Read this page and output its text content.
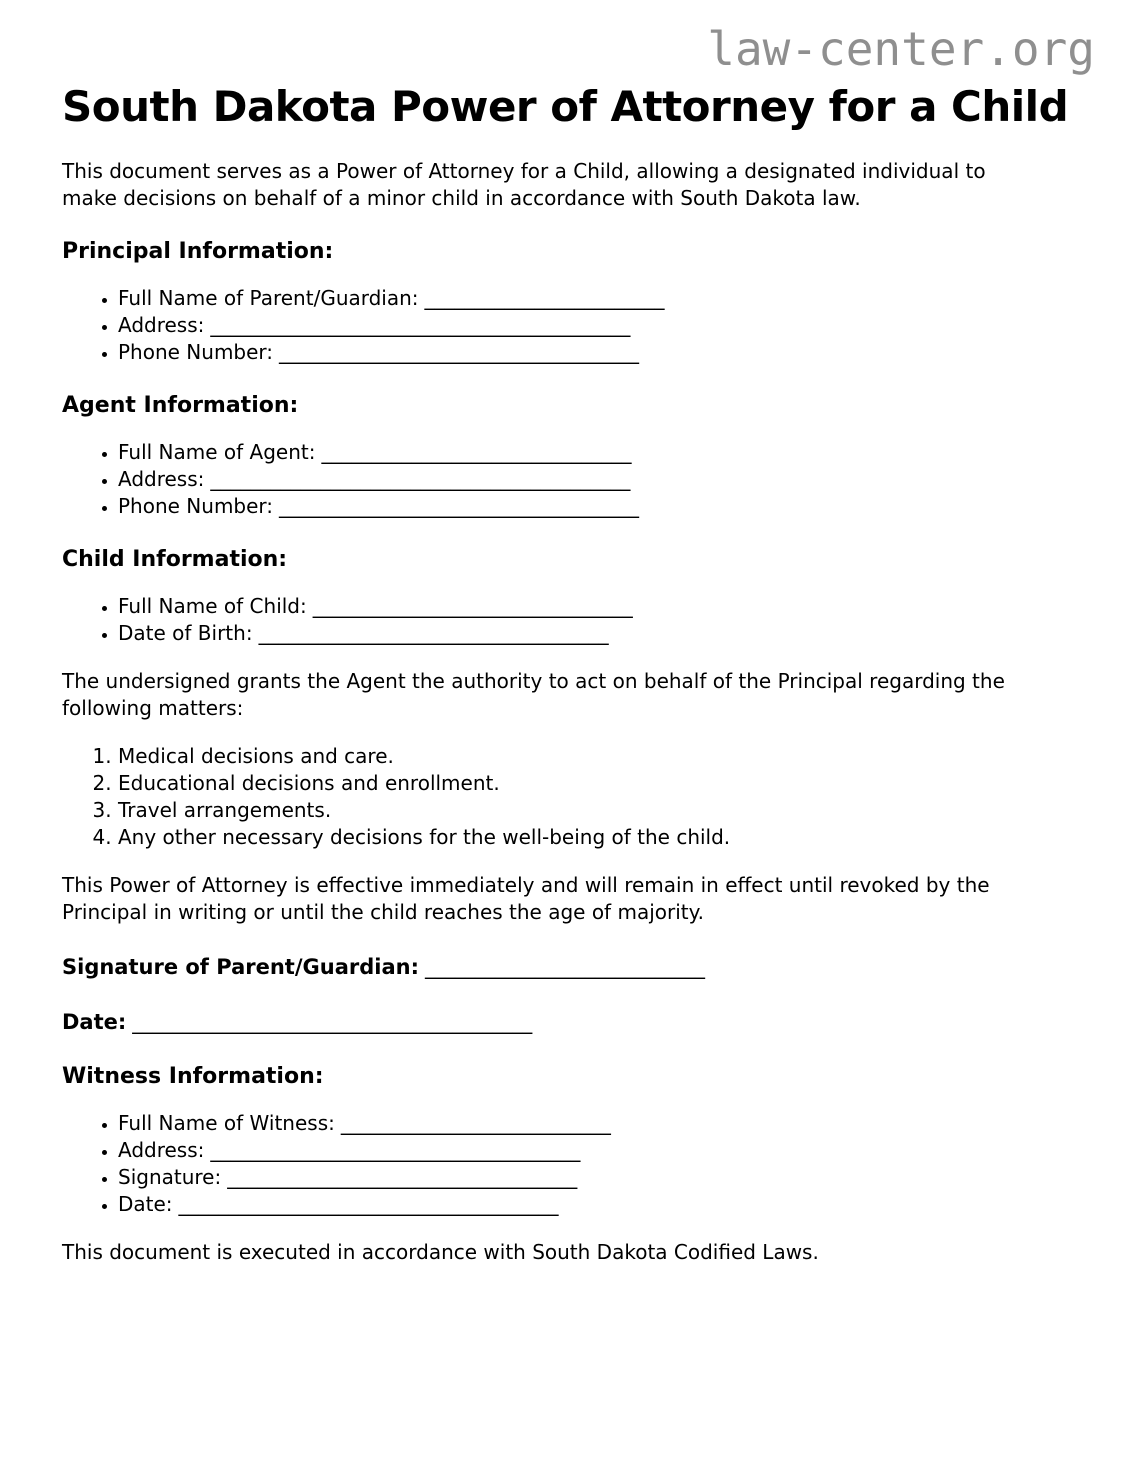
law-center.org
South Dakota Power of Attorney for a Child

This document serves as a Power of Attorney for a Child, allowing a designated individual to make decisions on behalf of a minor child in accordance with South Dakota law.

Principal Information:
• Full Name of Parent/Guardian: ________________________
• Address: __________________________________________
• Phone Number: ____________________________________
Agent Information:
• Full Name of Agent: _______________________________
• Address: __________________________________________
• Phone Number: ____________________________________
Child Information:
• Full Name of Child: ________________________________
• Date of Birth: ___________________________________

The undersigned grants the Agent the authority to act on behalf of the Principal regarding the following matters:

1. Medical decisions and care.
2. Educational decisions and enrollment.
3. Travel arrangements.
4. Any other necessary decisions for the well-being of the child.

This Power of Attorney is effective immediately and will remain in effect until revoked by the Principal in writing or until the child reaches the age of majority.

Signature of Parent/Guardian: ____________________________

Date: ________________________________________

Witness Information:
• Full Name of Witness: ___________________________
• Address: _____________________________________
• Signature: ___________________________________
• Date: ______________________________________

This document is executed in accordance with South Dakota Codified Laws.
